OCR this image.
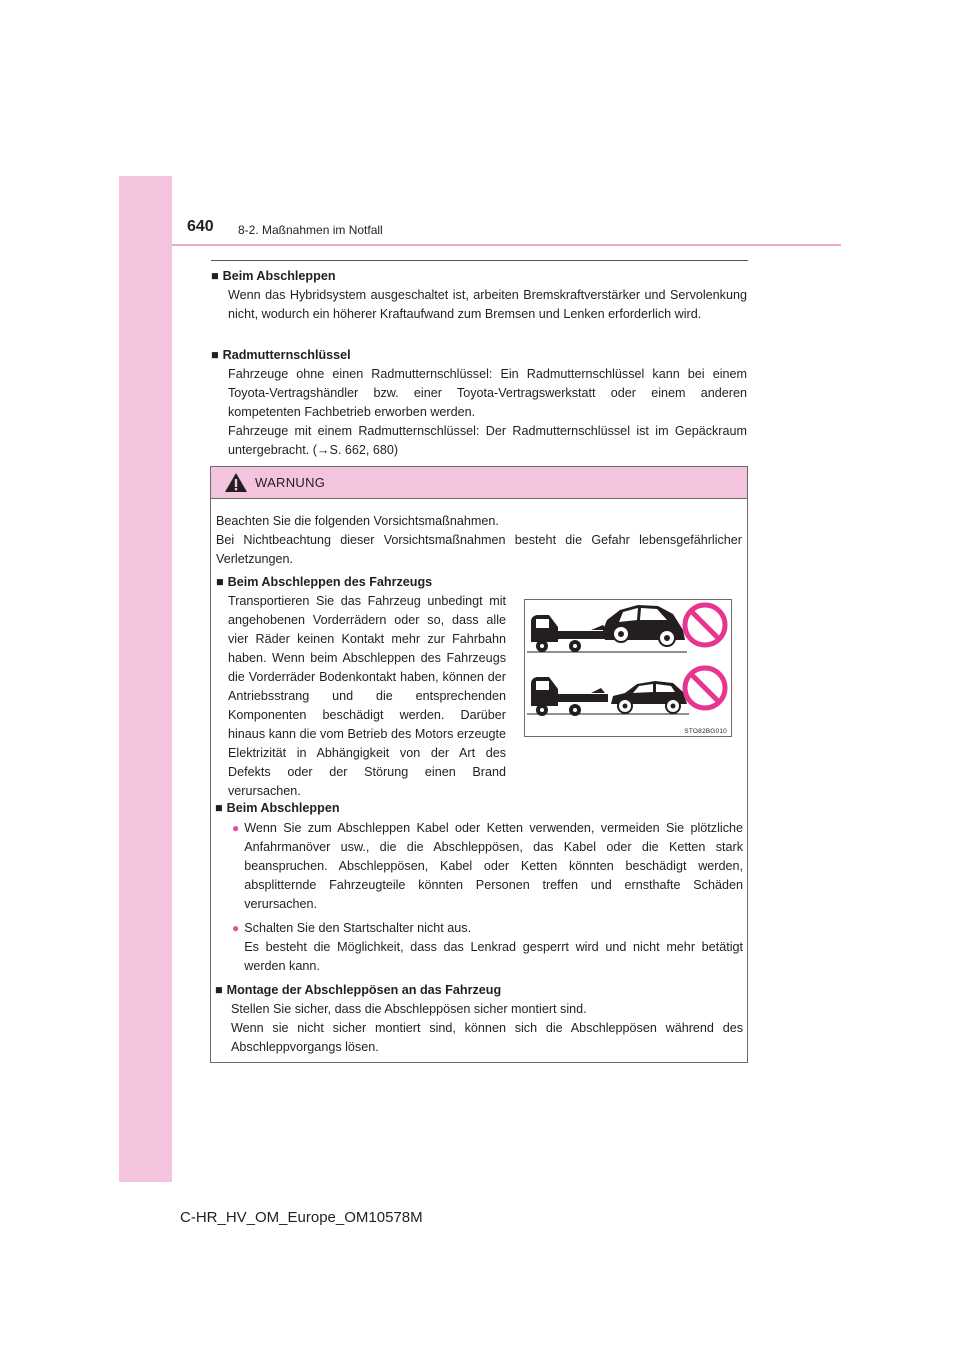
640 8-2. Maßnahmen im Notfall

■ Beim Abschleppen

Wenn das Hybridsystem ausgeschaltet ist, arbeiten Bremskraftverstärker und Servolenkung nicht, wodurch ein höherer Kraftaufwand zum Bremsen und Lenken erforderlich wird.

■ Radmutternschlüssel

Fahrzeuge ohne einen Radmutternschlüssel: Ein Radmutternschlüssel kann bei einem Toyota-Vertragshändler bzw. einer Toyota-Vertragswerkstatt oder einem anderen kompetenten Fachbetrieb erworben werden.
Fahrzeuge mit einem Radmutternschlüssel: Der Radmutternschlüssel ist im Gepäckraum untergebracht. (→S. 662, 680)
WARNUNG
Beachten Sie die folgenden Vorsichtsmaßnahmen.
Bei Nichtbeachtung dieser Vorsichtsmaßnahmen besteht die Gefahr lebensgefährlicher Verletzungen.

■ Beim Abschleppen des Fahrzeugs

Transportieren Sie das Fahrzeug unbedingt mit angehobenen Vorderrädern oder so, dass alle vier Räder keinen Kontakt mehr zur Fahrbahn haben. Wenn beim Abschleppen des Fahrzeugs die Vorderräder Bodenkontakt haben, können der Antriebsstrang und die entsprechenden Komponenten beschädigt werden. Darüber hinaus kann die vom Betrieb des Motors erzeugte Elektrizität in Abhängigkeit von der Art des Defekts oder der Störung einen Brand verursachen.
STO82BG010

■ Beim Abschleppen

● Wenn Sie zum Abschleppen Kabel oder Ketten verwenden, vermeiden Sie plötzliche Anfahrmanöver usw., die die Abschleppösen, das Kabel oder die Ketten stark beanspruchen. Abschleppösen, Kabel oder Ketten könnten beschädigt werden, absplitternde Fahrzeugteile könnten Personen treffen und ernsthafte Schäden verursachen.
● Schalten Sie den Startschalter nicht aus.
Es besteht die Möglichkeit, dass das Lenkrad gesperrt wird und nicht mehr betätigt werden kann.

■ Montage der Abschleppösen an das Fahrzeug

Stellen Sie sicher, dass die Abschleppösen sicher montiert sind.
Wenn sie nicht sicher montiert sind, können sich die Abschleppösen während des Abschleppvorgangs lösen.
C-HR_HV_OM_Europe_OM10578M
